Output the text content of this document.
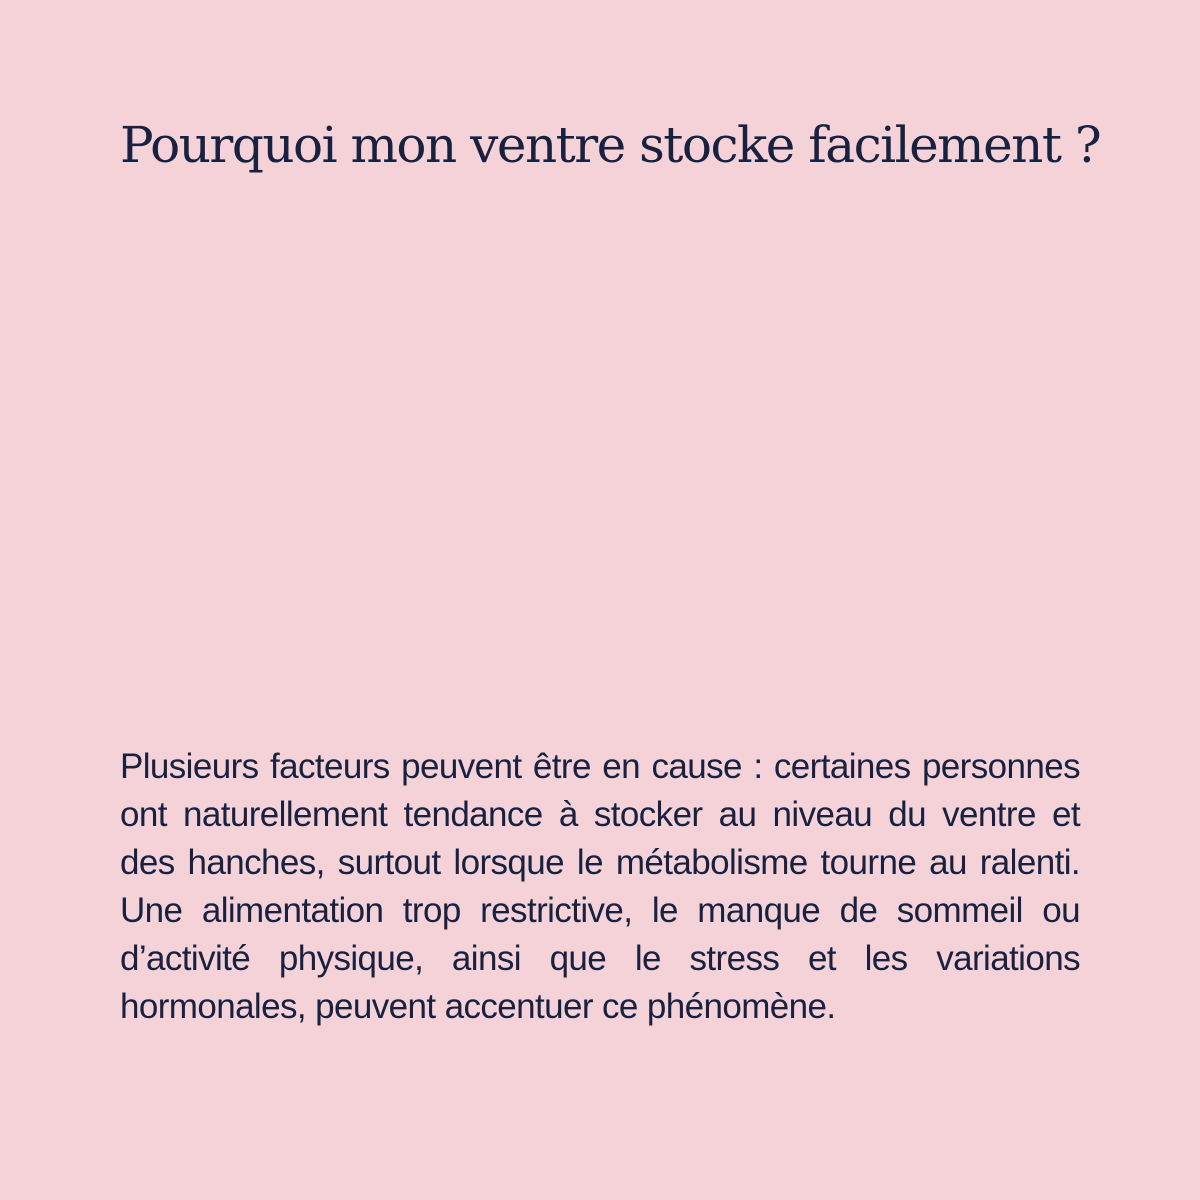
Pourquoi mon ventre stocke facilement ?

Plusieurs facteurs peuvent être en cause : certaines personnes ont naturellement tendance à stocker au niveau du ventre et des hanches, surtout lorsque le métabolisme tourne au ralenti. Une alimentation trop restrictive, le manque de sommeil ou d’activité physique, ainsi que le stress et les variations hormonales, peuvent accentuer ce phénomène.
